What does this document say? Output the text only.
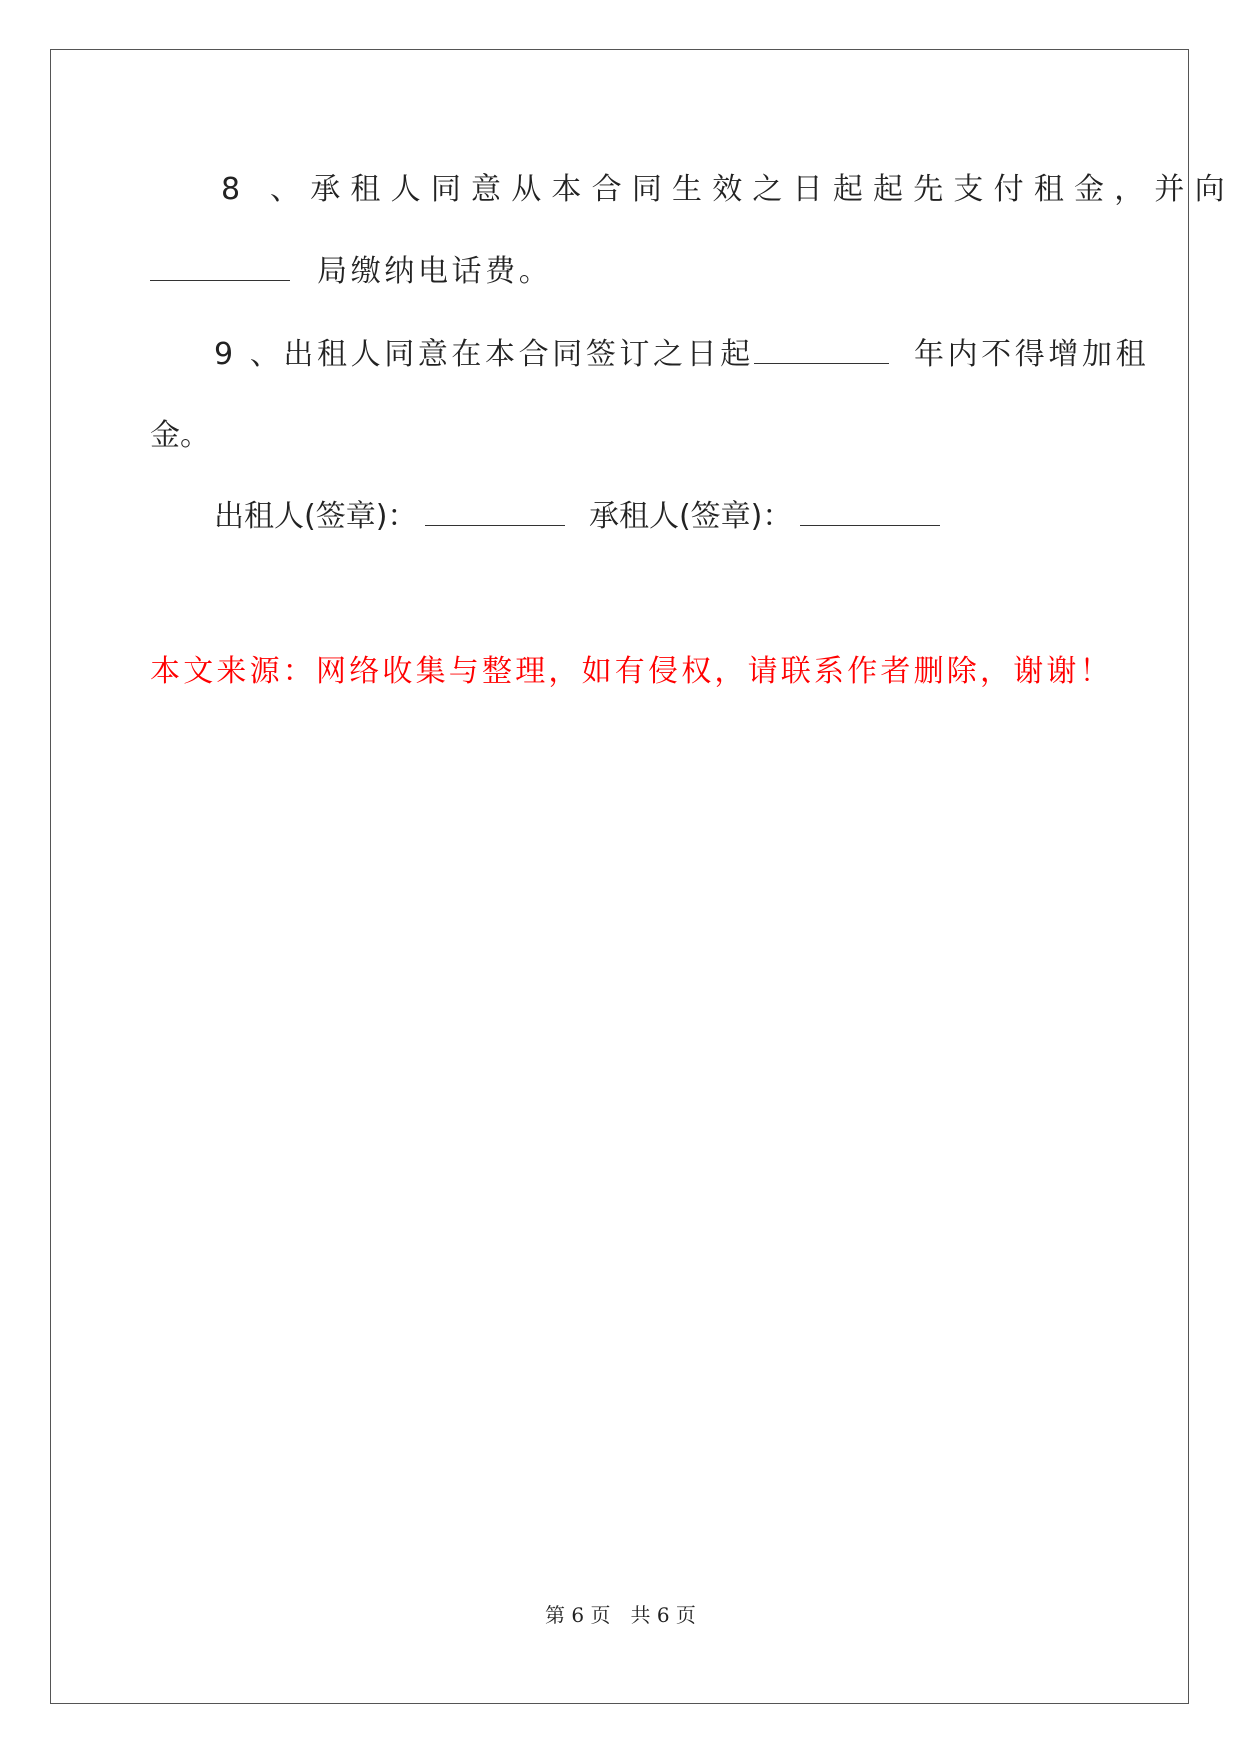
8 、承租人同意从本合同生效之日起起先支付租金，并向
局缴纳电话费。
9 、出租人同意在本合同签订之日起	年内不得增加租
金。
出租人(签章)：	承租人(签章)：
本文来源：网络收集与整理，如有侵权，请联系作者删除，谢谢！
第 6 页　共 6 页
